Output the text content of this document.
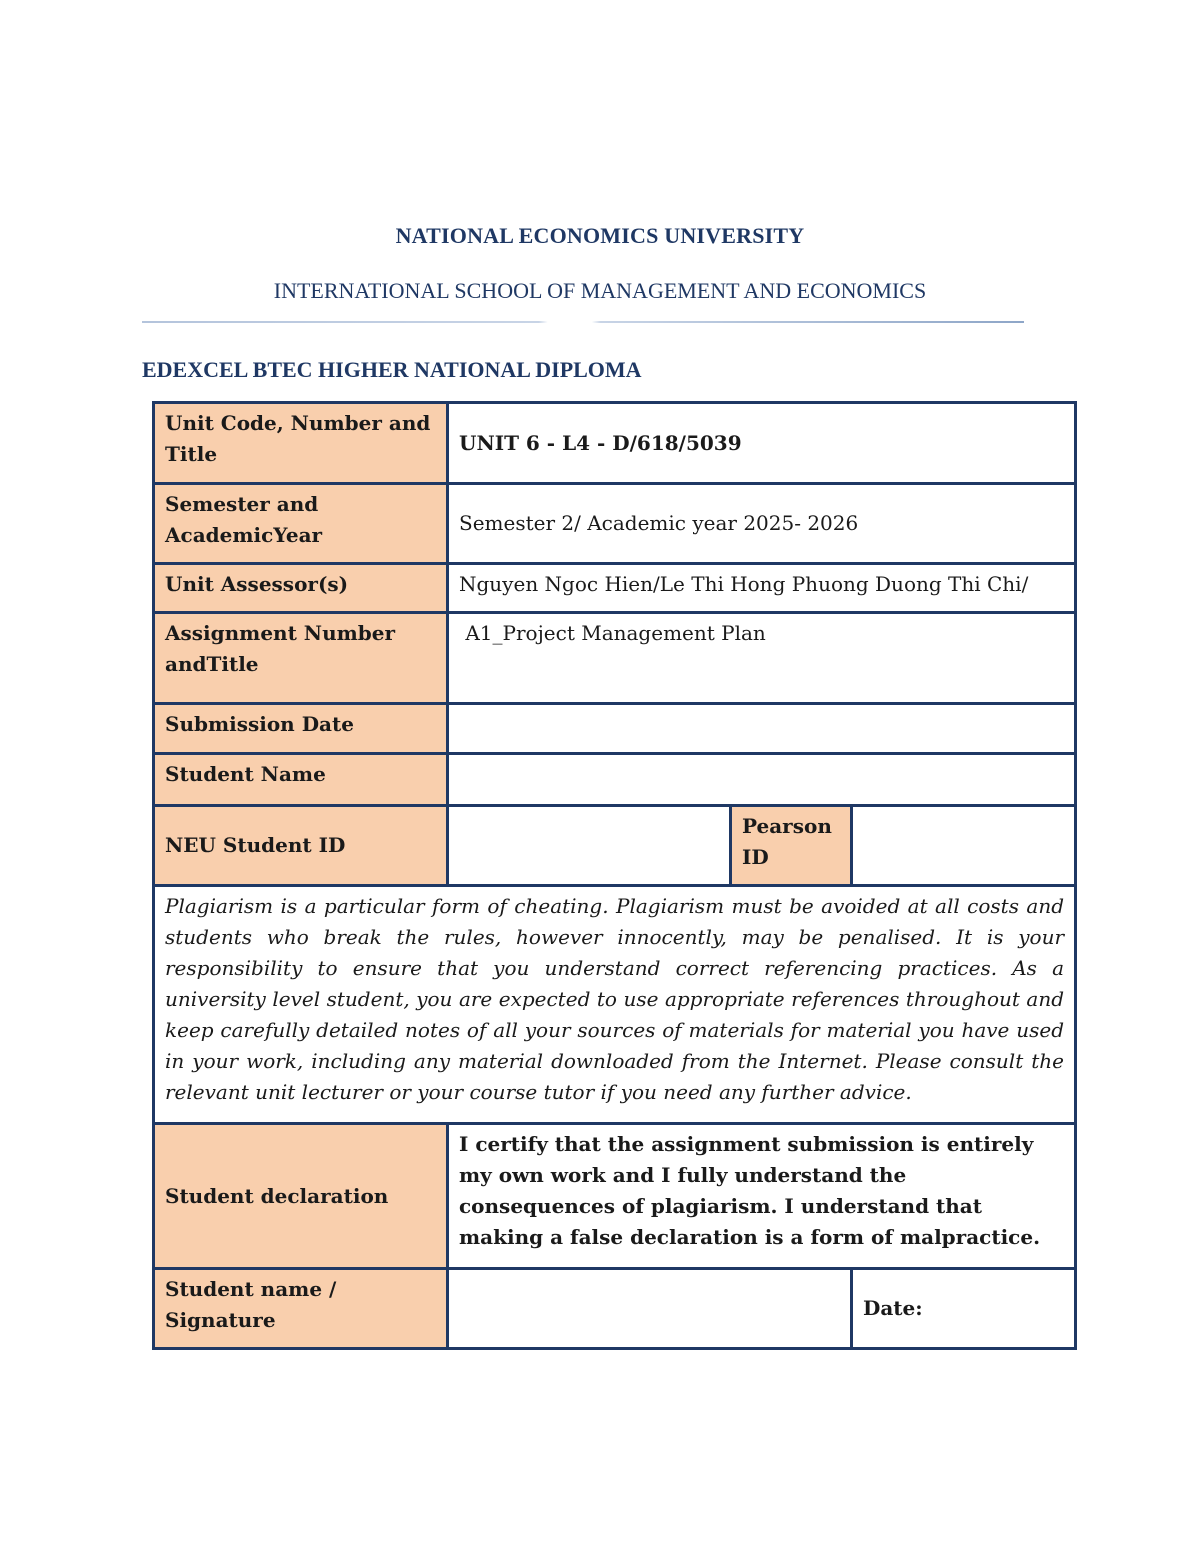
NATIONAL ECONOMICS UNIVERSITY
INTERNATIONAL SCHOOL OF MANAGEMENT AND ECONOMICS
EDEXCEL BTEC HIGHER NATIONAL DIPLOMA
Unit Code, Number and Title	UNIT 6 - L4 - D/618/5039		
Semester and AcademicYear	Semester 2/ Academic year 2025- 2026		
Unit Assessor(s)	Nguyen Ngoc Hien/Le Thi Hong Phuong Duong Thi Chi/		
Assignment Number andTitle	A1_Project Management Plan		
Submission Date			
Student Name			
NEU Student ID		Pearson ID	
Plagiarism is a particular form of cheating. Plagiarism must be avoided at all costs and students who break the rules, however innocently, may be penalised. It is your responsibility to ensure that you understand correct referencing practices. As a university level student, you are expected to use appropriate references throughout and keep carefully detailed notes of all your sources of materials for material you have used in your work, including any material downloaded from the Internet. Please consult the relevant unit lecturer or your course tutor if you need any further advice.			
Student declaration	I certify that the assignment submission is entirely my own work and I fully understand the consequences of plagiarism. I understand that making a false declaration is a form of malpractice.		
Student name / Signature			Date:
